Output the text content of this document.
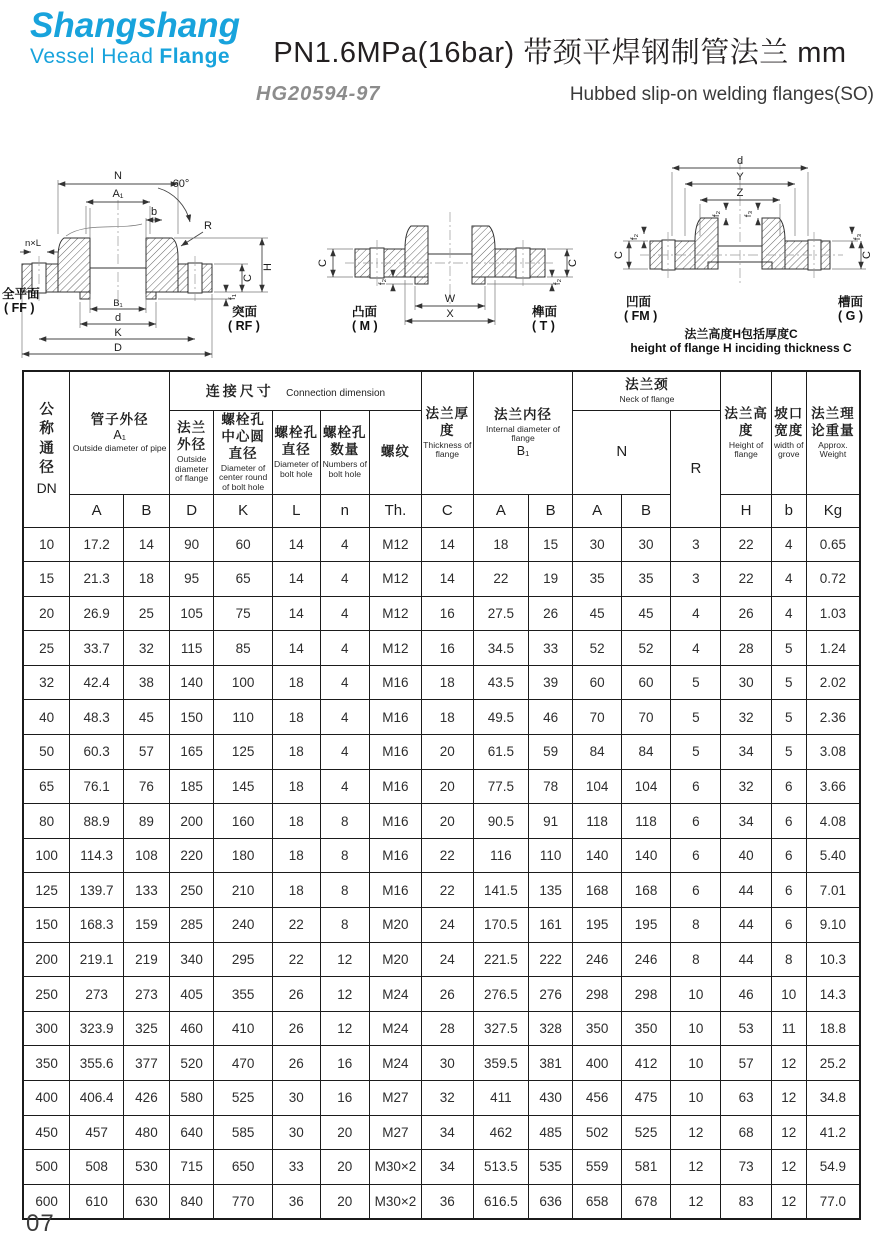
Shangshang
Vessel Head Flange	PN1.6MPa(16bar) 带颈平焊钢制管法兰 mm
HG20594-97	Hubbed slip-on welding flanges(SO)
N
A₁
b
60°
R
n×L
B₁
d
K
D
H
C
f₁
全平面
( FF )	突面
( RF )
C
f₂
C
f₂
W
X
凸面
( M )
榫面
( T )
d
Y
Z
f₂ f₃
f₃
C
f₂
C
凹面
( FM )
槽面
( G )
法兰高度H包括厚度C
height of flange H inciding thickness C
公
称
通
径
DN	管子外径
A₁
Outside diameter of pipe		连接尺寸 Connection dimension					法兰厚度
Thickness of flange	法兰内径
Internal diameter of flange
B₁		法兰颈
Neck of flange			法兰高度
Height of flange	坡口宽度
width of grove	法兰理论重量
Approx. Weight

			法兰外径
Outside diameter of flange	螺栓孔中心圆直径
Diameter of center round of bolt hole	螺栓孔直径
Diameter of bolt hole	螺栓孔数量
Numbers of bolt hole	螺纹				N		R			
	A	B	D	K	L	n	Th.	C	A	B	A	B		H	b	Kg
10	17.2	14	90	60	14	4	M12	14	18	15	30	30	3	22	4	0.65
15	21.3	18	95	65	14	4	M12	14	22	19	35	35	3	22	4	0.72
20	26.9	25	105	75	14	4	M12	16	27.5	26	45	45	4	26	4	1.03
25	33.7	32	115	85	14	4	M12	16	34.5	33	52	52	4	28	5	1.24
32	42.4	38	140	100	18	4	M16	18	43.5	39	60	60	5	30	5	2.02
40	48.3	45	150	110	18	4	M16	18	49.5	46	70	70	5	32	5	2.36
50	60.3	57	165	125	18	4	M16	20	61.5	59	84	84	5	34	5	3.08
65	76.1	76	185	145	18	4	M16	20	77.5	78	104	104	6	32	6	3.66
80	88.9	89	200	160	18	8	M16	20	90.5	91	118	118	6	34	6	4.08
100	114.3	108	220	180	18	8	M16	22	116	110	140	140	6	40	6	5.40
125	139.7	133	250	210	18	8	M16	22	141.5	135	168	168	6	44	6	7.01
150	168.3	159	285	240	22	8	M20	24	170.5	161	195	195	8	44	6	9.10
200	219.1	219	340	295	22	12	M20	24	221.5	222	246	246	8	44	8	10.3
250	273	273	405	355	26	12	M24	26	276.5	276	298	298	10	46	10	14.3
300	323.9	325	460	410	26	12	M24	28	327.5	328	350	350	10	53	11	18.8
350	355.6	377	520	470	26	16	M24	30	359.5	381	400	412	10	57	12	25.2
400	406.4	426	580	525	30	16	M27	32	411	430	456	475	10	63	12	34.8
450	457	480	640	585	30	20	M27	34	462	485	502	525	12	68	12	41.2
500	508	530	715	650	33	20	M30×2	34	513.5	535	559	581	12	73	12	54.9
600	610	630	840	770	36	20	M30×2	36	616.5	636	658	678	12	83	12	77.0
07
